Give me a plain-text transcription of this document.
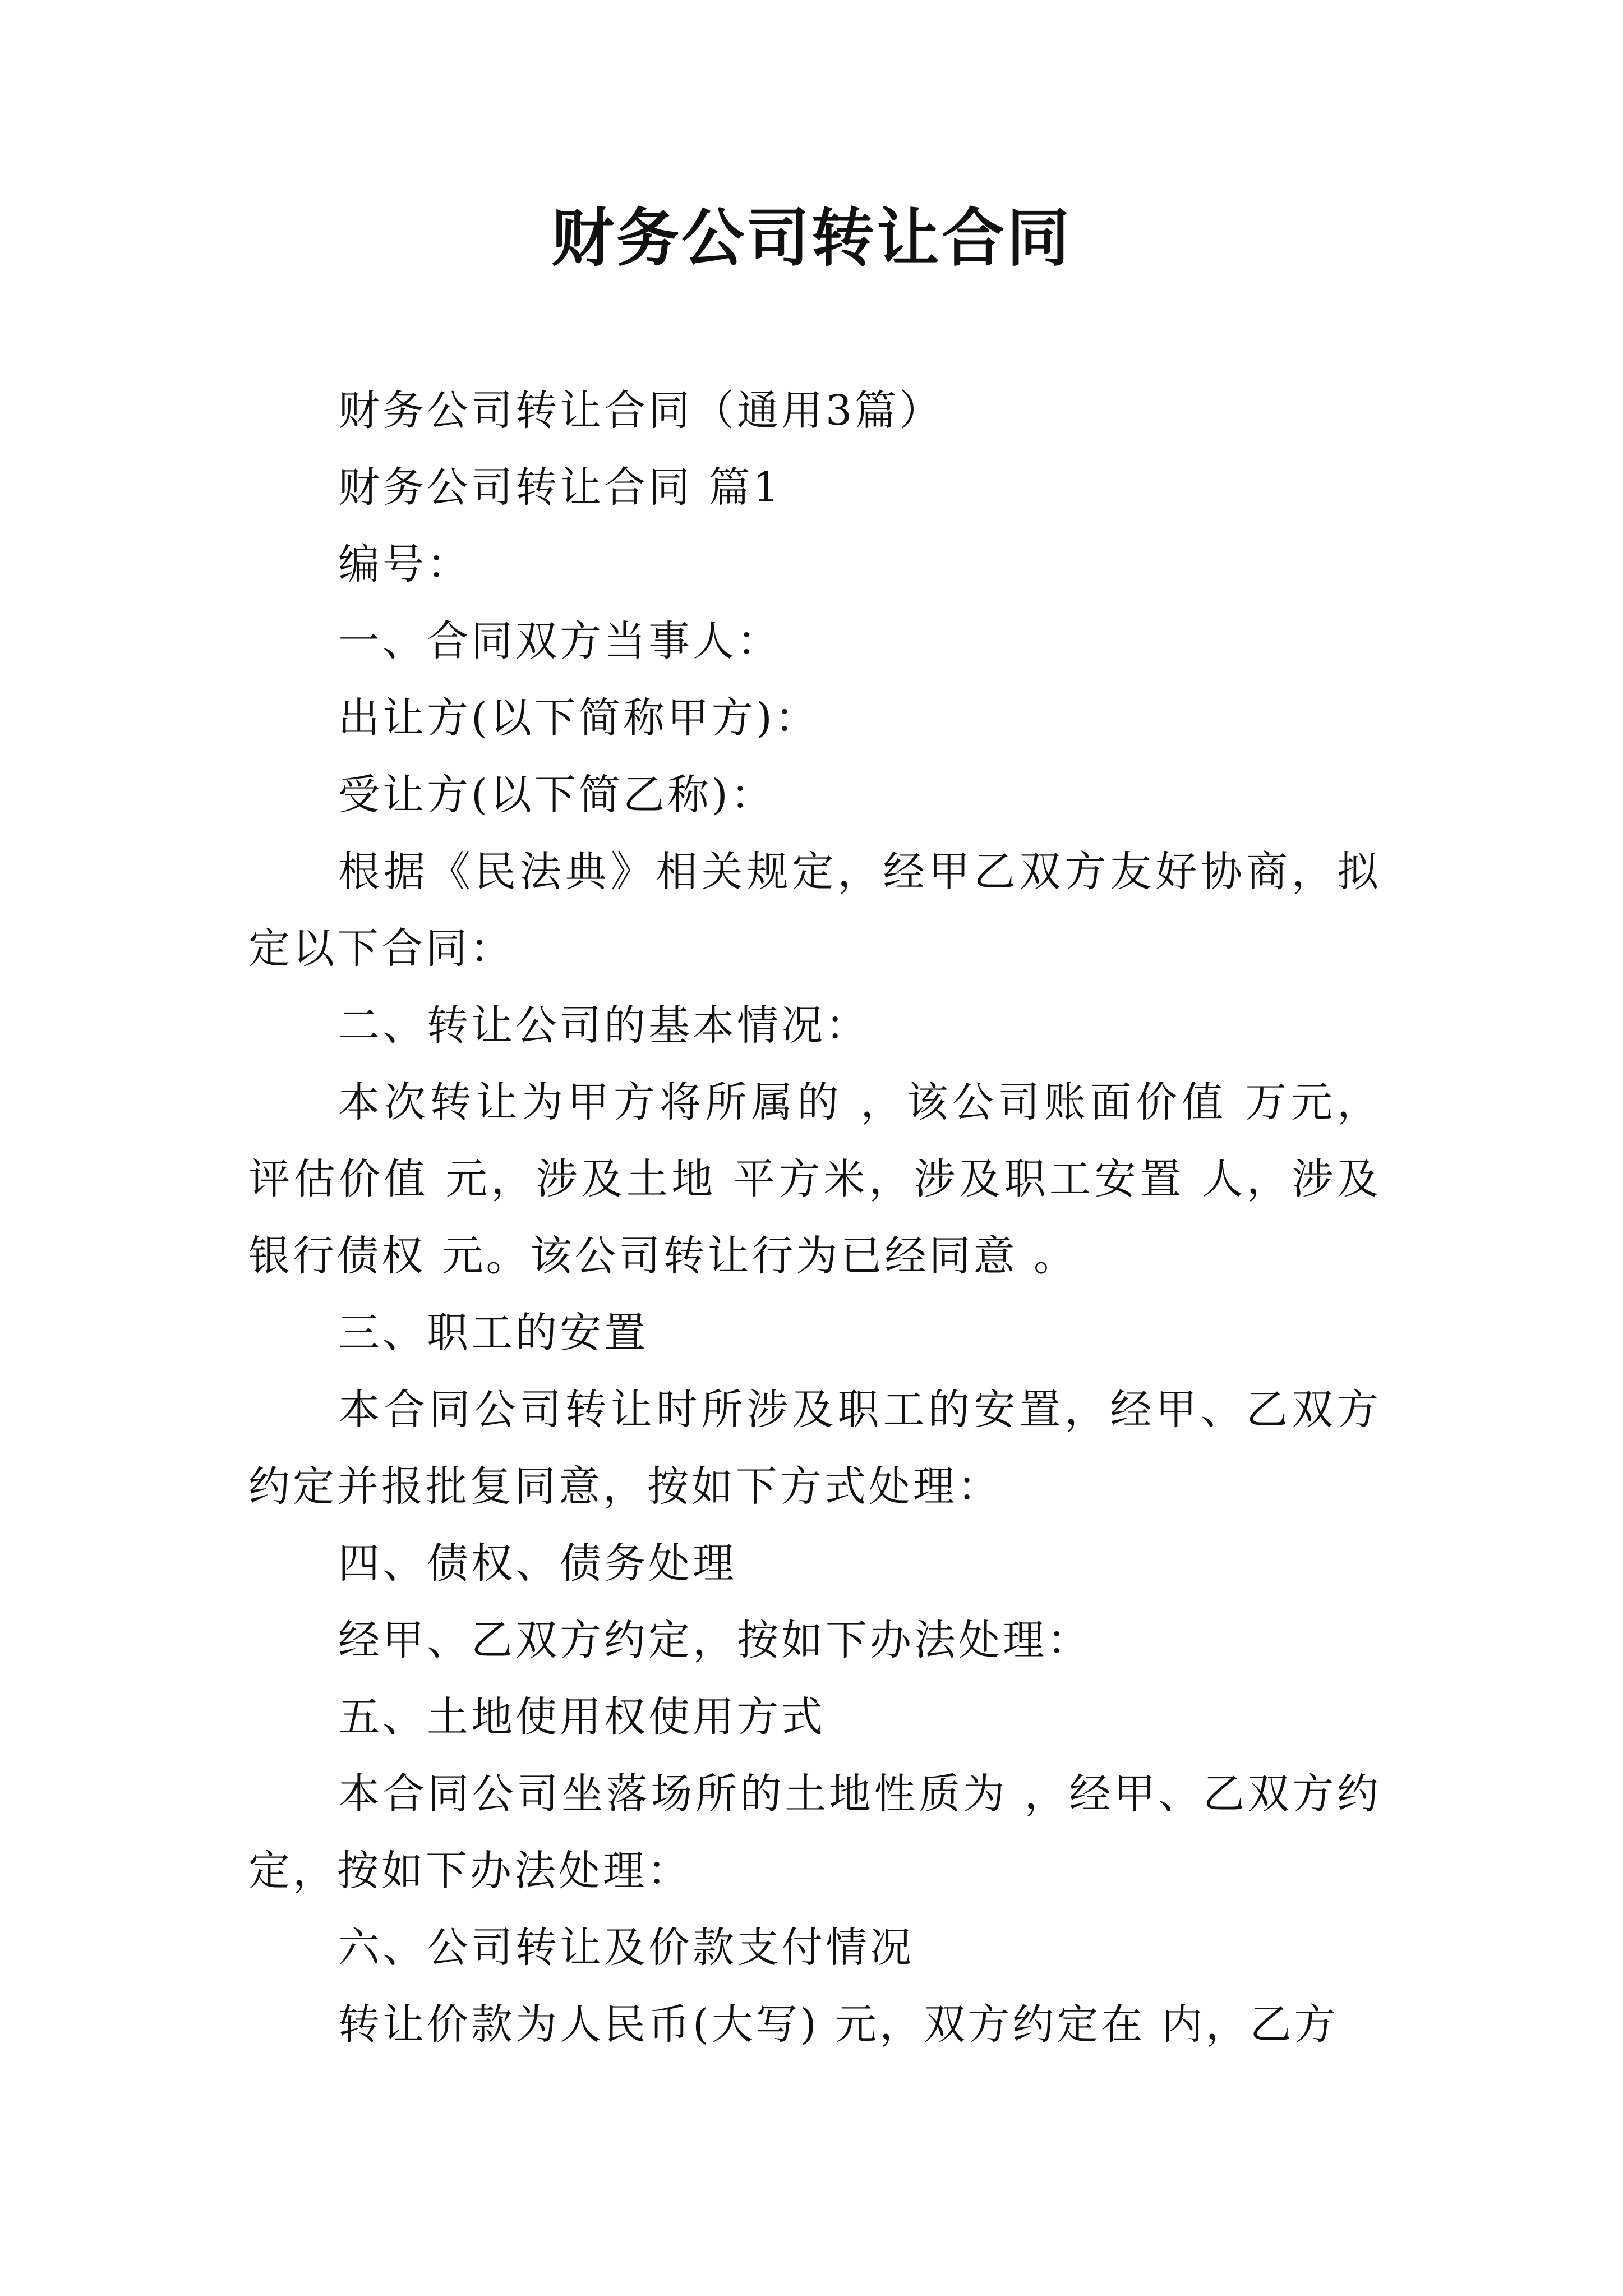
财务公司转让合同

财务公司转让合同（通用3篇）

财务公司转让合同 篇1

编号：

一、合同双方当事人：

出让方(以下简称甲方)：

受让方(以下简乙称)：

根据《民法典》相关规定，经甲乙双方友好协商，拟定以下合同：

二、转让公司的基本情况：

本次转让为甲方将所属的 ，该公司账面价值 万元，评估价值 元，涉及土地 平方米，涉及职工安置 人，涉及银行债权 元。该公司转让行为已经同意 。

三、职工的安置

本合同公司转让时所涉及职工的安置，经甲、乙双方约定并报批复同意，按如下方式处理：

四、债权、债务处理

经甲、乙双方约定，按如下办法处理：

五、土地使用权使用方式

本合同公司坐落场所的土地性质为 ，经甲、乙双方约定，按如下办法处理：

六、公司转让及价款支付情况

转让价款为人民币(大写) 元，双方约定在 内，乙方
